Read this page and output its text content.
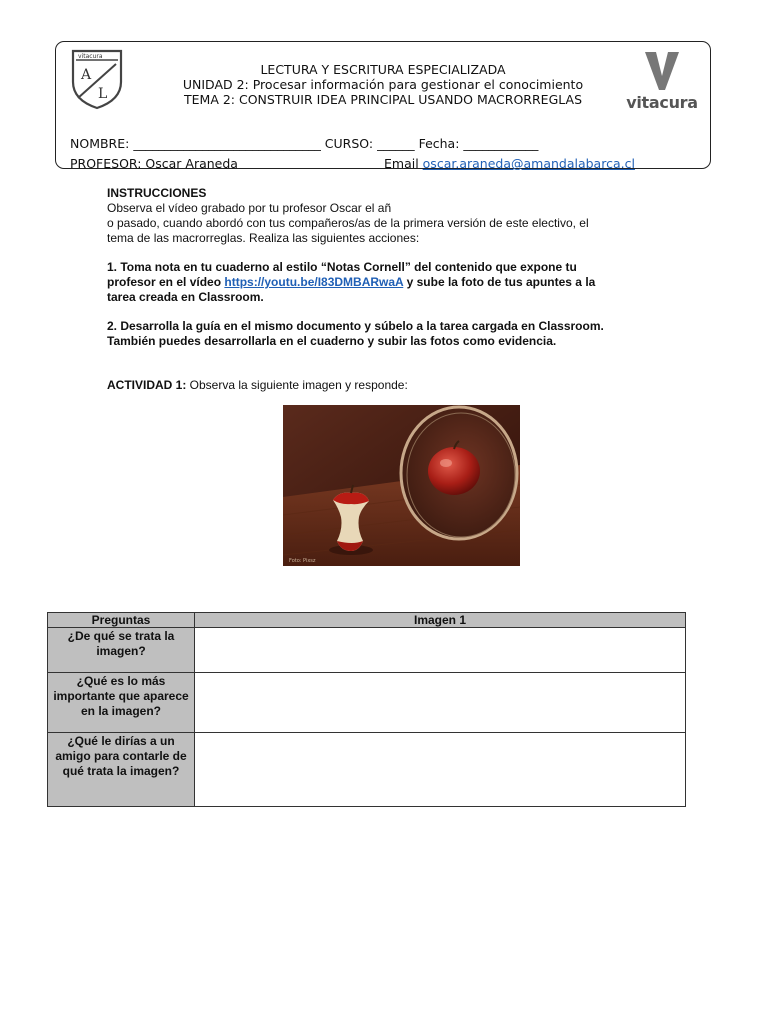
vitacura
A
L
LECTURA Y ESCRITURA ESPECIALIZADA
UNIDAD 2: Procesar información para gestionar el conocimiento
TEMA 2: CONSTRUIR IDEA PRINCIPAL USANDO MACRORREGLAS	vitacura
NOMBRE: ______________________________ CURSO: ______ Fecha: ____________
PROFESOR: Oscar Araneda	Email oscar.araneda@amandalabarca.cl

INSTRUCCIONES

Observa el vídeo grabado por tu profesor Oscar el añ

o pasado, cuando abordó con tus compañeros/as de la primera versión de este electivo, el

tema de las macrorreglas. Realiza las siguientes acciones:

1. Toma nota en tu cuaderno al estilo “Notas Cornell” del contenido que expone tu

profesor en el vídeo https://youtu.be/I83DMBARwaA y sube la foto de tus apuntes a la

tarea creada en Classroom.

2. Desarrolla la guía en el mismo documento y súbelo a la tarea cargada en Classroom.

También puedes desarrollarla en el cuaderno y subir las fotos como evidencia.

ACTIVIDAD 1: Observa la siguiente imagen y responde:

Foto: Pixsz
Preguntas	Imagen 1
¿De qué se trata la imagen?	
¿Qué es lo más importante que aparece en la imagen?	
¿Qué le dirías a un amigo para contarle de qué trata la imagen?	
